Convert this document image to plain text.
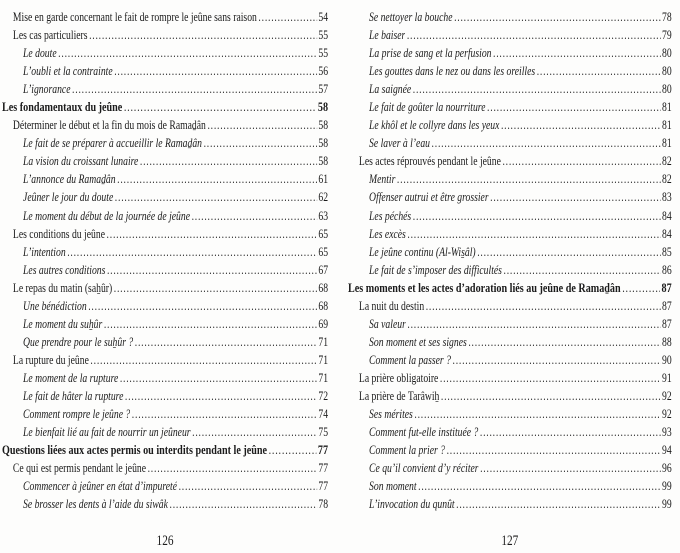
Mise en garde concernant le fait de rompre le jeûne sans raison .....	54
Les cas particuliers .....	55
Le doute .....	55
L’oubli et la contrainte .....	56
L’ignorance .....	57
Les fondamentaux du jeûne .....	58
Déterminer le début et la fin du mois de Ramaḏân .....	58
Le fait de se préparer à accueillir le Ramaḏân .....	58
La vision du croissant lunaire .....	58
L’annonce du Ramaḏân .....	61
Jeûner le jour du doute .....	62
Le moment du début de la journée de jeûne .....	63
Les conditions du jeûne .....	65
L’intention .....	65
Les autres conditions .....	67
Le repas du matin (saẖûr) .....	68
Une bénédiction .....	68
Le moment du suẖûr .....	69
Que prendre pour le suẖûr ? .....	71
La rupture du jeûne .....	71
Le moment de la rupture .....	71
Le fait de hâter la rupture .....	72
Comment rompre le jeûne ? .....	74
Le bienfait lié au fait de nourrir un jeûneur .....	75
Questions liées aux actes permis ou interdits pendant le jeûne .....	77
Ce qui est permis pendant le jeûne .....	77
Commencer à jeûner en état d’impureté .....	77
Se brosser les dents à l’aide du siwâk .....	78
126
Se nettoyer la bouche .....	78
Le baiser .....	79
La prise de sang et la perfusion .....	80
Les gouttes dans le nez ou dans les oreilles .....	80
La saignée .....	80
Le fait de goûter la nourriture .....	81
Le khôl et le collyre dans les yeux .....	81
Se laver à l’eau .....	81
Les actes réprouvés pendant le jeûne .....	82
Mentir .....	82
Offenser autrui et être grossier .....	83
Les péchés .....	84
Les excès .....	84
Le jeûne continu (Al-Wis̱âl) .....	85
Le fait de s’imposer des difficultés .....	86
Les moments et les actes d’adoration liés au jeûne de Ramaḏân .....	87
La nuit du destin .....	87
Sa valeur .....	87
Son moment et ses signes .....	88
Comment la passer ? .....	90
La prière obligatoire .....	91
La prière de Tarâwiẖ .....	92
Ses mérites .....	92
Comment fut-elle instituée ? .....	93
Comment la prier ? .....	94
Ce qu’il convient d’y réciter .....	96
Son moment .....	99
L’invocation du qunût .....	99
127
